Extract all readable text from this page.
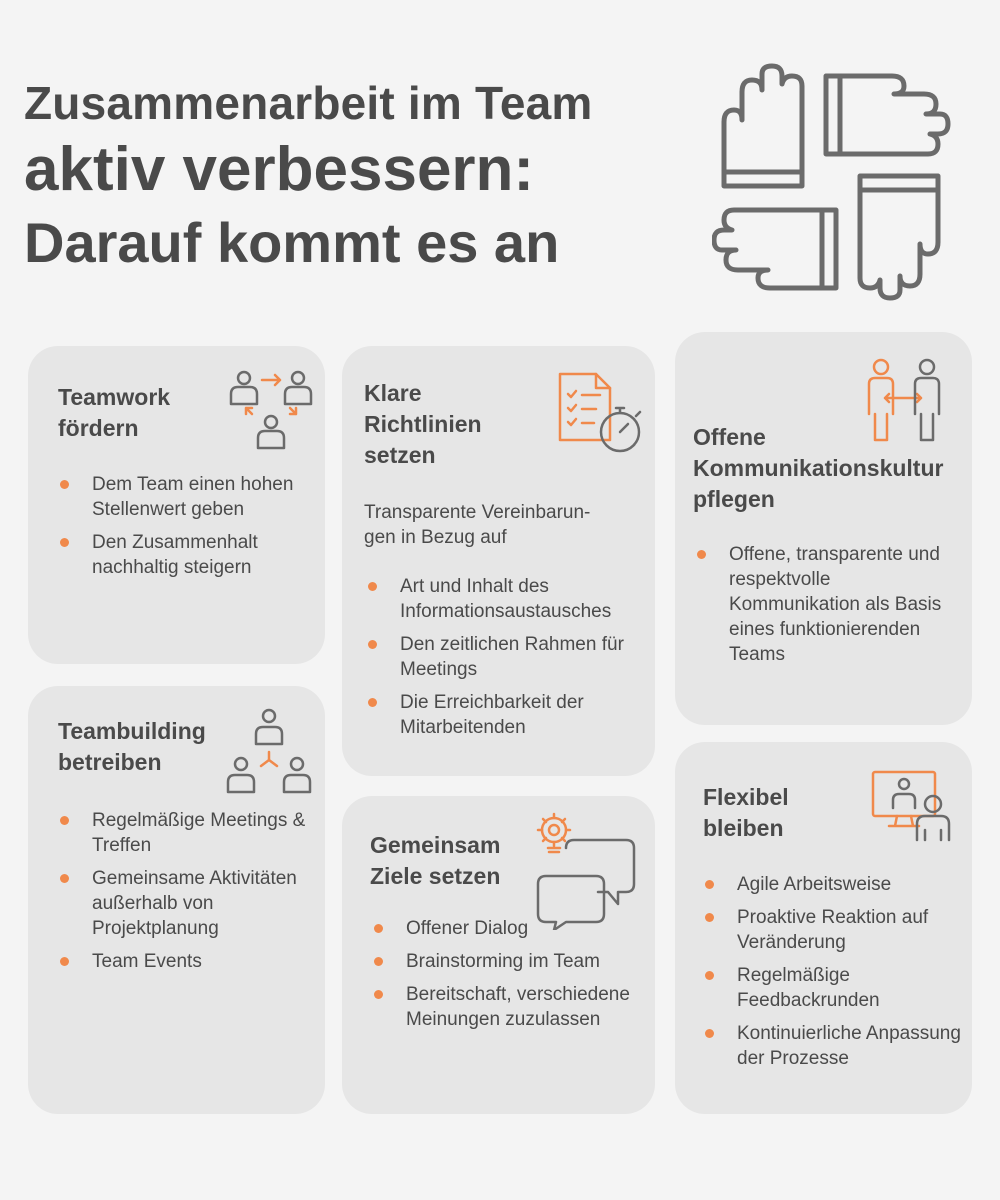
Zusammenarbeit im Team
aktiv verbessern:
Darauf kommt es an
Teamwork
fördern
Dem Team einen hohen Stellenwert geben
Den Zusammenhalt nachhaltig steigern
Klare
Richtlinien
setzen
Transparente Vereinbarun-
gen in Bezug auf
Art und Inhalt des Informationsaustausches
Den zeitlichen Rahmen für Meetings
Die Erreichbarkeit der Mitarbeitenden
Offene
Kommunikationskultur
pflegen
Offene, transparente und respektvolle Kommunikation als Basis eines funktionierenden Teams
Teambuilding
betreiben
Regelmäßige Meetings & Treffen
Gemeinsame Aktivitäten außerhalb von Projektplanung
Team Events
Gemeinsam
Ziele setzen
Offener Dialog
Brainstorming im Team
Bereitschaft, verschiedene Meinungen zuzulassen
Flexibel
bleiben
Agile Arbeitsweise
Proaktive Reaktion auf Veränderung
Regelmäßige Feedbackrunden
Kontinuierliche Anpassung der Prozesse
